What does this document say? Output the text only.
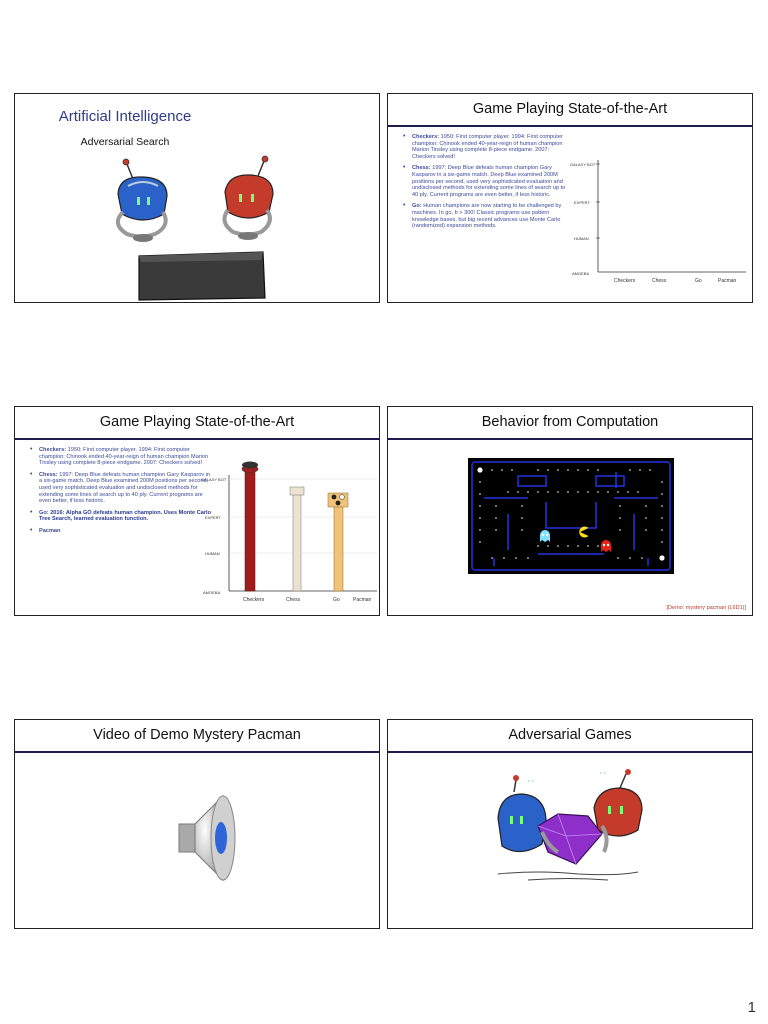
Artificial Intelligence
Adversarial Search
Game Playing State-of-the-Art
• Checkers: 1950: First computer player. 1994: First computer champion: Chinook ended 40-year-reign of human champion Marion Tinsley using complete 8-piece endgame. 2007: Checkers solved!
• Chess: 1997: Deep Blue defeats human champion Gary Kasparov in a six-game match. Deep Blue examined 200M positions per second, used very sophisticated evaluation and undisclosed methods for extending some lines of search up to 40 ply. Current programs are even better, if less historic.
• Go: Human champions are now starting to be challenged by machines. In go, b > 300! Classic programs use pattern knowledge bases, but big recent advances use Monte Carlo (randomized) expansion methods.
GALAXY BOT
EXPERT
HUMAN
AMOEBA
Checkers	Chess	Go	Pacman
Game Playing State-of-the-Art
• Checkers: 1950: First computer player. 1994: First computer champion: Chinook ended 40-year-reign of human champion Marion Tinsley using complete 8-piece endgame. 2007: Checkers solved!
• Chess: 1997: Deep Blue defeats human champion Gary Kasparov in a six-game match. Deep Blue examined 200M positions per second, used very sophisticated evaluation and undisclosed methods for extending some lines of search up to 40 ply. Current programs are even better, if less historic.
• Go: 2016: Alpha GO defeats human champion. Uses Monte Carlo Tree Search, learned evaluation function.
• Pacman
GALAXY BOT
EXPERT
HUMAN
AMOEBA
Checkers	Chess	Go	Pacman
Behavior from Computation
[Demo: mystery pacman (L6D1)]
Video of Demo Mystery Pacman	Adversarial Games
‘ ’
‘ ’
1
